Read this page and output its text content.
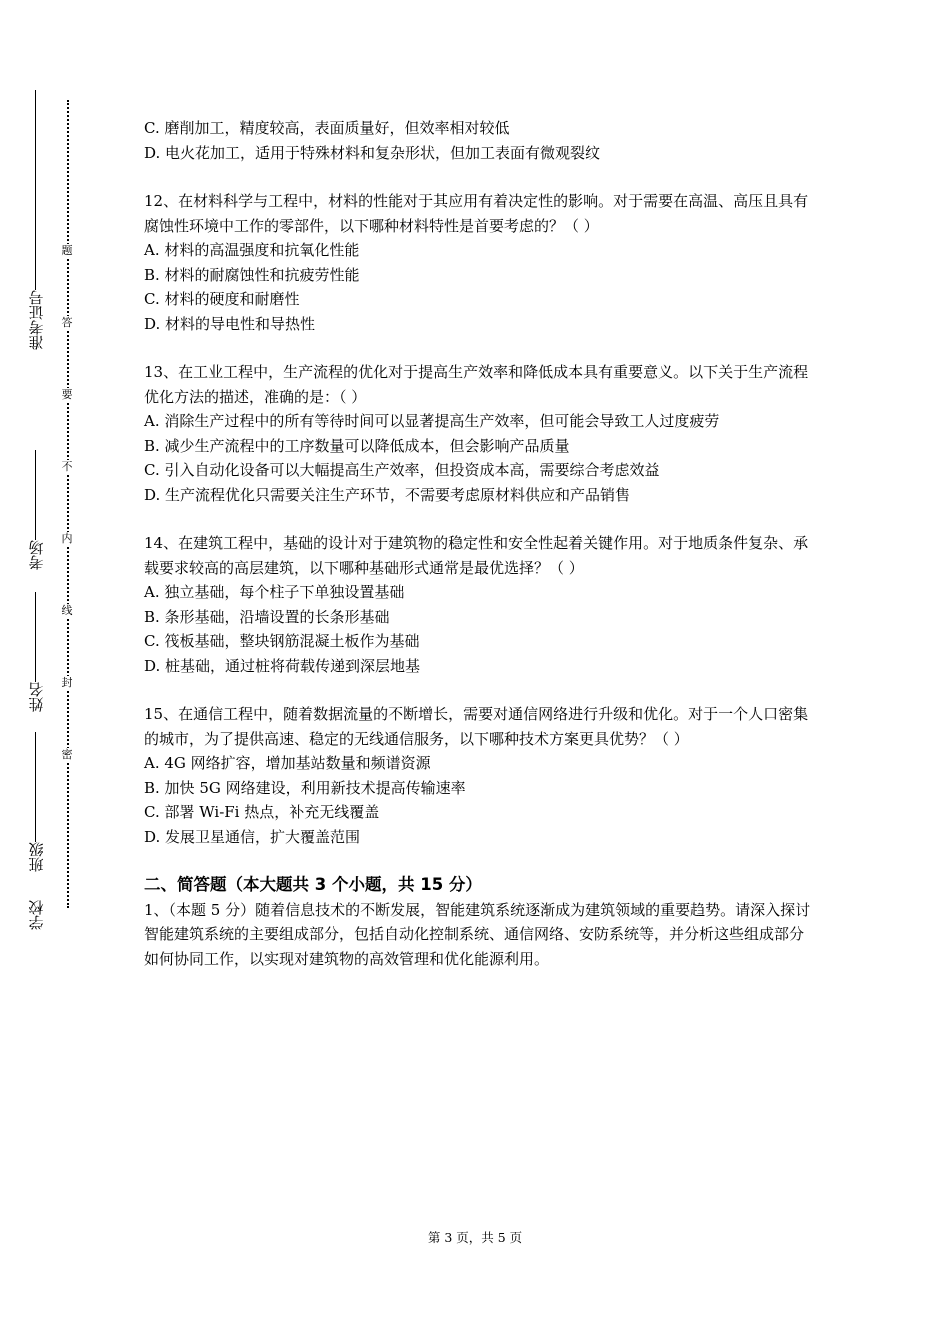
准考证号
考场
姓名
班级
学校
题
答
要
不
内
线
封
密

C. 磨削加工，精度较高，表面质量好，但效率相对较低

D. 电火花加工，适用于特殊材料和复杂形状，但加工表面有微观裂纹

12、在材料科学与工程中，材料的性能对于其应用有着决定性的影响。对于需要在高温、高压且具有腐蚀性环境中工作的零部件，以下哪种材料特性是首要考虑的？（ ）

A. 材料的高温强度和抗氧化性能

B. 材料的耐腐蚀性和抗疲劳性能

C. 材料的硬度和耐磨性

D. 材料的导电性和导热性

13、在工业工程中，生产流程的优化对于提高生产效率和降低成本具有重要意义。以下关于生产流程优化方法的描述，准确的是：（ ）

A. 消除生产过程中的所有等待时间可以显著提高生产效率，但可能会导致工人过度疲劳

B. 减少生产流程中的工序数量可以降低成本，但会影响产品质量

C. 引入自动化设备可以大幅提高生产效率，但投资成本高，需要综合考虑效益

D. 生产流程优化只需要关注生产环节，不需要考虑原材料供应和产品销售

14、在建筑工程中，基础的设计对于建筑物的稳定性和安全性起着关键作用。对于地质条件复杂、承载要求较高的高层建筑，以下哪种基础形式通常是最优选择？（ ）

A. 独立基础，每个柱子下单独设置基础

B. 条形基础，沿墙设置的长条形基础

C. 筏板基础，整块钢筋混凝土板作为基础

D. 桩基础，通过桩将荷载传递到深层地基

15、在通信工程中，随着数据流量的不断增长，需要对通信网络进行升级和优化。对于一个人口密集的城市，为了提供高速、稳定的无线通信服务，以下哪种技术方案更具优势？（ ）

A. 4G 网络扩容，增加基站数量和频谱资源

B. 加快 5G 网络建设，利用新技术提高传输速率

C. 部署 Wi-Fi 热点，补充无线覆盖

D. 发展卫星通信，扩大覆盖范围

二、简答题（本大题共 3 个小题，共 15 分）

1、（本题 5 分）随着信息技术的不断发展，智能建筑系统逐渐成为建筑领域的重要趋势。请深入探讨智能建筑系统的主要组成部分，包括自动化控制系统、通信网络、安防系统等，并分析这些组成部分如何协同工作，以实现对建筑物的高效管理和优化能源利用。

第 3 页，共 5 页
